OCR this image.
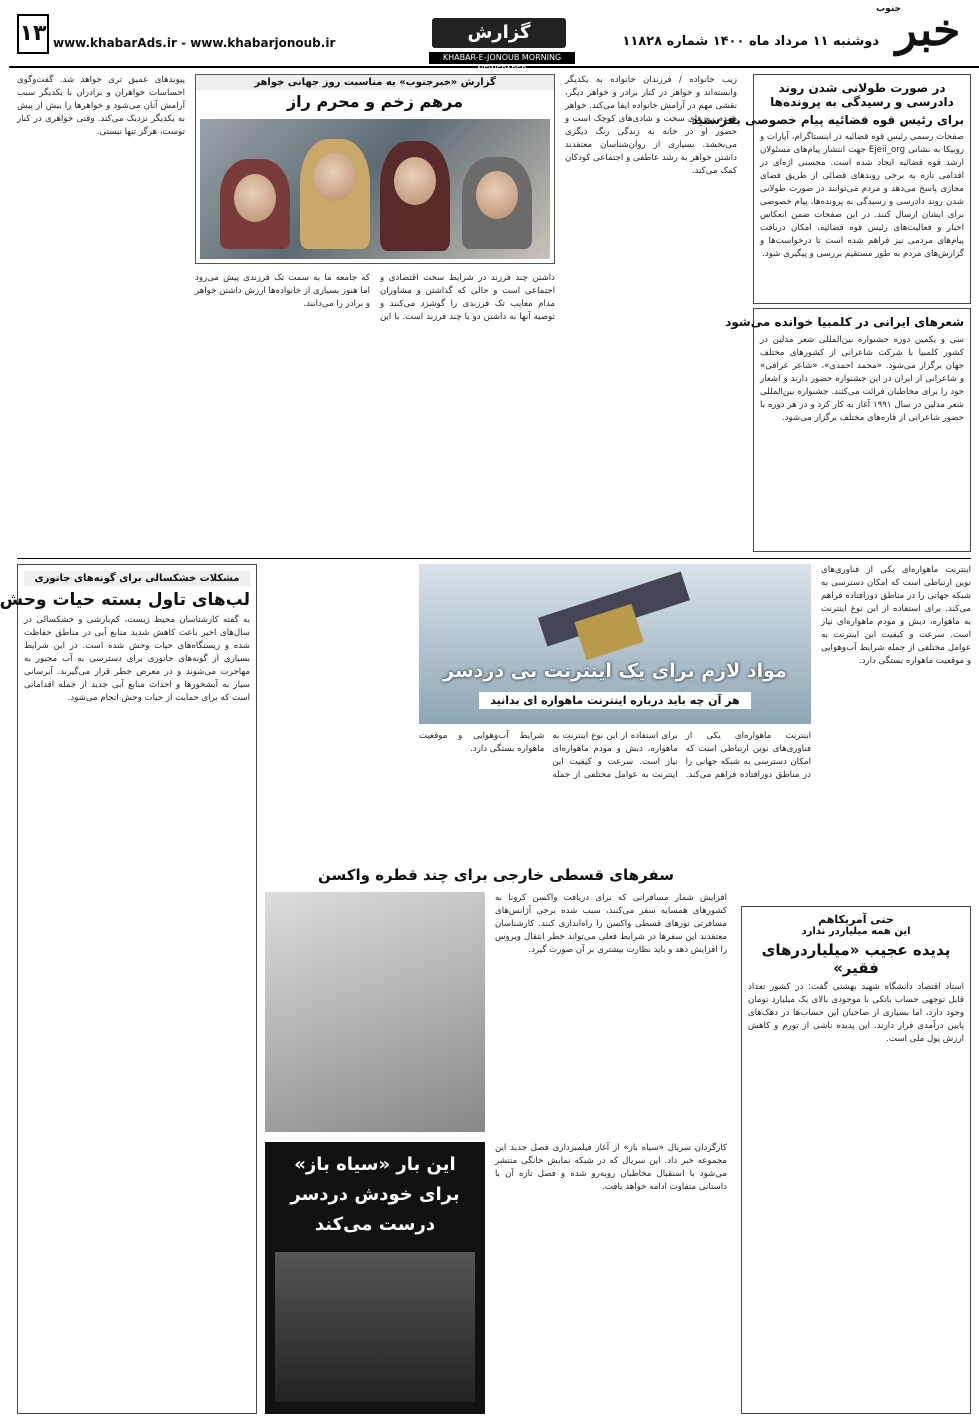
خبر
جنوب
دوشنبه ۱۱ مرداد ماه ۱۴۰۰ شماره ۱۱۸۲۸
گزارش
www.khabarAds.ir - www.khabarjonoub.ir
۱۳
KHABAR-E-JONOUB MORNING NEWSPAPER
در صورت طولانی شدن روند دادرسی و رسیدگی به پرونده‌ها
برای رئیس قوه قضائیه پیام خصوصی بفرستید
صفحات رسمی رئیس قوه قضائیه در اینستاگرام، آپارات و روبیکا به نشانی Ejeii_org جهت انتشار پیام‌های مسئولان ارشد قوه قضائیه ایجاد شده است. محسنی اژه‌ای در اقدامی تازه به برخی روندهای قضائی از طریق فضای مجازی پاسخ می‌دهد و مردم می‌توانند در صورت طولانی شدن روند دادرسی و رسیدگی به پرونده‌ها، پیام خصوصی برای ایشان ارسال کنند. در این صفحات ضمن انعکاس اخبار و فعالیت‌های رئیس قوه قضائیه، امکان دریافت پیام‌های مردمی نیز فراهم شده است تا درخواست‌ها و گزارش‌های مردم به طور مستقیم بررسی و پیگیری شود.
شعرهای ایرانی در کلمبیا خوانده می‌شود
سی و یکمین دوره جشنواره بین‌المللی شعر مدلین در کشور کلمبیا با شرکت شاعرانی از کشورهای مختلف جهان برگزار می‌شود. «محمد احمدی»، «شاعر عراقی» و شاعرانی از ایران در این جشنواره حضور دارند و اشعار خود را برای مخاطبان قرائت می‌کنند. جشنواره بین‌المللی شعر مدلین در سال ۱۹۹۱ آغاز به کار کرد و در هر دوره با حضور شاعرانی از قاره‌های مختلف برگزار می‌شود.
زیب خانواده / فرزندان خانواده به یکدیگر وابسته‌اند و خواهر در کنار برادر و خواهر دیگر، نقشی مهم در آرامش خانواده ایفا می‌کند. خواهر همدم روزهای سخت و شادی‌های کوچک است و حضور او در خانه به زندگی رنگ دیگری می‌بخشد. بسیاری از روان‌شناسان معتقدند داشتن خواهر به رشد عاطفی و اجتماعی کودکان کمک می‌کند.
گزارش «خبرجنوب» به مناسبت روز جهانی خواهر
مرهم زخم و محرم راز
داشتن چند فرزند در شرایط سخت اقتصادی و اجتماعی است و حالی که گذاشتن و مشاوران مدام معایب تک فرزندی را گوشزد می‌کنند و توصیه آنها به داشتن دو یا چند فرزند است. با این که جامعه ما به سمت تک فرزندی پیش می‌رود اما هنوز بسیاری از خانواده‌ها ارزش داشتن خواهر و برادر را می‌دانند.
پیوندهای عمیق تری خواهد شد. گفت‌وگوی احساسات خواهران و برادران با یکدیگر سبب آرامش آنان می‌شود و خواهرها را بیش از پیش به یکدیگر نزدیک می‌کند. وقتی خواهری در کنار توست، هرگز تنها نیستی.
اینترنت ماهواره‌ای یکی از فناوری‌های نوین ارتباطی است که امکان دسترسی به شبکه جهانی را در مناطق دورافتاده فراهم می‌کند. برای استفاده از این نوع اینترنت به ماهواره، دیش و مودم ماهواره‌ای نیاز است. سرعت و کیفیت این اینترنت به عوامل مختلفی از جمله شرایط آب‌وهوایی و موقعیت ماهواره بستگی دارد.
مواد لازم برای یک اینترنت بی دردسر
هر آن چه باید درباره اینترنت ماهواره ای بدانید
اینترنت ماهواره‌ای یکی از فناوری‌های نوین ارتباطی است که امکان دسترسی به شبکه جهانی را در مناطق دورافتاده فراهم می‌کند. برای استفاده از این نوع اینترنت به ماهواره، دیش و مودم ماهواره‌ای نیاز است. سرعت و کیفیت این اینترنت به عوامل مختلفی از جمله شرایط آب‌وهوایی و موقعیت ماهواره بستگی دارد.
مشکلات خشکسالی برای گونه‌های جانوری
لب‌های تاول بسته حیات وحش
به گفته کارشناسان محیط زیست، کم‌بارشی و خشکسالی در سال‌های اخیر باعث کاهش شدید منابع آبی در مناطق حفاظت شده و زیستگاه‌های حیات وحش شده است. در این شرایط بسیاری از گونه‌های جانوری برای دسترسی به آب مجبور به مهاجرت می‌شوند و در معرض خطر قرار می‌گیرند. آبرسانی سیار به آبشخورها و احداث منابع آبی جدید از جمله اقداماتی است که برای حمایت از حیات وحش انجام می‌شود.
سفرهای قسطی خارجی برای چند قطره واکسن
افزایش شمار مسافرانی که برای دریافت واکسن کرونا به کشورهای همسایه سفر می‌کنند، سبب شده برخی آژانس‌های مسافرتی تورهای قسطی واکسن را راه‌اندازی کنند. کارشناسان معتقدند این سفرها در شرایط فعلی می‌تواند خطر انتقال ویروس را افزایش دهد و باید نظارت بیشتری بر آن صورت گیرد.
حتی آمریکاهم
این همه میلیاردر ندارد
پدیده عجیب «میلیاردرهای فقیر»
استاد اقتصاد دانشگاه شهید بهشتی گفت: در کشور تعداد قابل توجهی حساب بانکی با موجودی بالای یک میلیارد تومان وجود دارد، اما بسیاری از صاحبان این حساب‌ها در دهک‌های پایین درآمدی قرار دارند. این پدیده ناشی از تورم و کاهش ارزش پول ملی است.
این بار «سیاه باز» برای خودش دردسر درست می‌کند
کارگردان سریال «سیاه باز» از آغاز فیلمبرداری فصل جدید این مجموعه خبر داد. این سریال که در شبکه نمایش خانگی منتشر می‌شود با استقبال مخاطبان روبه‌رو شده و فصل تازه آن با داستانی متفاوت ادامه خواهد یافت.
